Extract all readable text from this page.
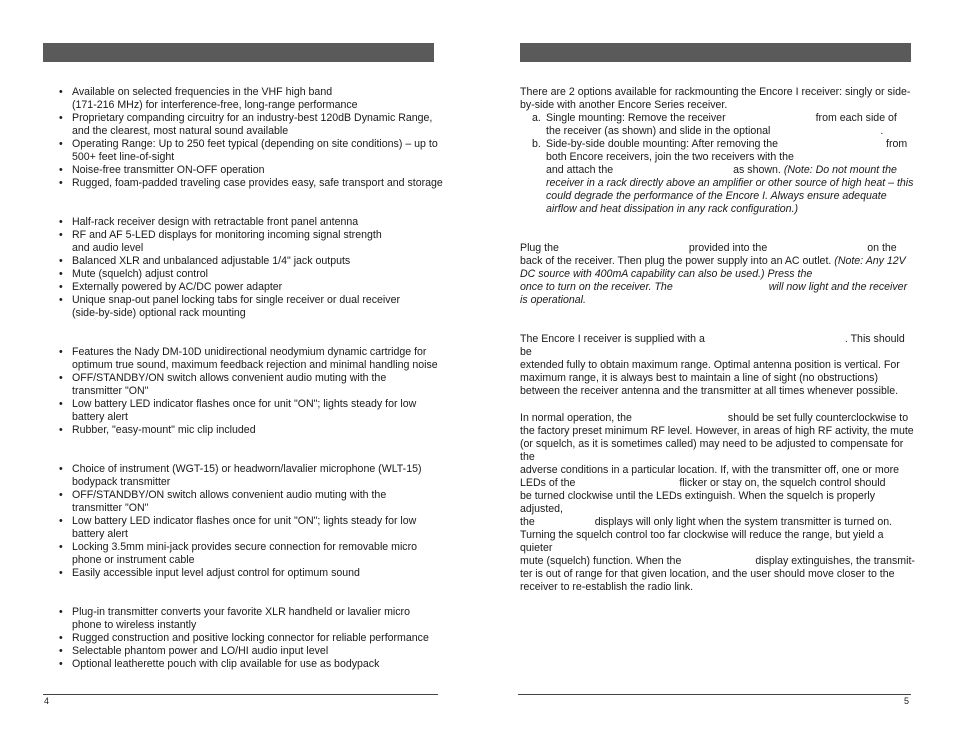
• Available on selected frequencies in the VHF high band

(171-216 MHz) for interference-free, long-range performance

• Proprietary companding circuitry for an industry-best 120dB Dynamic Range,

and the clearest, most natural sound available

• Operating Range: Up to 250 feet typical (depending on site conditions) – up to

500+ feet line-of-sight

• Noise-free transmitter ON-OFF operation

• Rugged, foam-padded traveling case provides easy, safe transport and storage

• Half-rack receiver design with retractable front panel antenna

• RF and AF 5-LED displays for monitoring incoming signal strength

and audio level

• Balanced XLR and unbalanced adjustable 1/4" jack outputs

• Mute (squelch) adjust control

• Externally powered by AC/DC power adapter

• Unique snap-out panel locking tabs for single receiver or dual receiver

(side-by-side) optional rack mounting

• Features the Nady DM-10D unidirectional neodymium dynamic cartridge for

optimum true sound, maximum feedback rejection and minimal handling noise

• OFF/STANDBY/ON switch allows convenient audio muting with the

transmitter "ON"

• Low battery LED indicator flashes once for unit "ON"; lights steady for low

battery alert

• Rubber, "easy-mount" mic clip included

• Choice of instrument (WGT-15) or headworn/lavalier microphone (WLT-15)

bodypack transmitter

• OFF/STANDBY/ON switch allows convenient audio muting with the

transmitter "ON"

• Low battery LED indicator flashes once for unit "ON"; lights steady for low

battery alert

• Locking 3.5mm mini-jack provides secure connection for removable micro

phone or instrument cable

• Easily accessible input level adjust control for optimum sound

• Plug-in transmitter converts your favorite XLR handheld or lavalier micro

phone to wireless instantly

• Rugged construction and positive locking connector for reliable performance

• Selectable phantom power and LO/HI audio input level

• Optional leatherette pouch with clip available for use as bodypack

There are 2 options available for rackmounting the Encore I receiver: singly or side-

by-side with another Encore Series receiver.

a. Single mounting: Remove the receiver	from each side of

the receiver (as shown) and slide in the optional	.

b. Side-by-side double mounting: After removing the	from

both Encore receivers, join the two receivers with the

and attach the	as shown. (Note: Do not mount the

receiver in a rack directly above an amplifier or other source of high heat – this

could degrade the performance of the Encore I. Always ensure adequate

airflow and heat dissipation in any rack configuration.)

Plug the	provided into the	on the

back of the receiver. Then plug the power supply into an AC outlet. (Note: Any 12V

DC source with 400mA capability can also be used.) Press the

once to turn on the receiver. The	will now light and the receiver

is operational.

The Encore I receiver is supplied with a	. This should be

extended fully to obtain maximum range. Optimal antenna position is vertical. For

maximum range, it is always best to maintain a line of sight (no obstructions)

between the receiver antenna and the transmitter at all times whenever possible.

In normal operation, the	should be set fully counterclockwise to

the factory preset minimum RF level. However, in areas of high RF activity, the mute

(or squelch, as it is sometimes called) may need to be adjusted to compensate for the

adverse conditions in a particular location. If, with the transmitter off, one or more

LEDs of the	flicker or stay on, the squelch control should

be turned clockwise until the LEDs extinguish. When the squelch is properly adjusted,

the	displays will only light when the system transmitter is turned on.

Turning the squelch control too far clockwise will reduce the range, but yield a quieter

mute (squelch) function. When the	display extinguishes, the transmit-

ter is out of range for that given location, and the user should move closer to the

receiver to re-establish the radio link.

4	5
